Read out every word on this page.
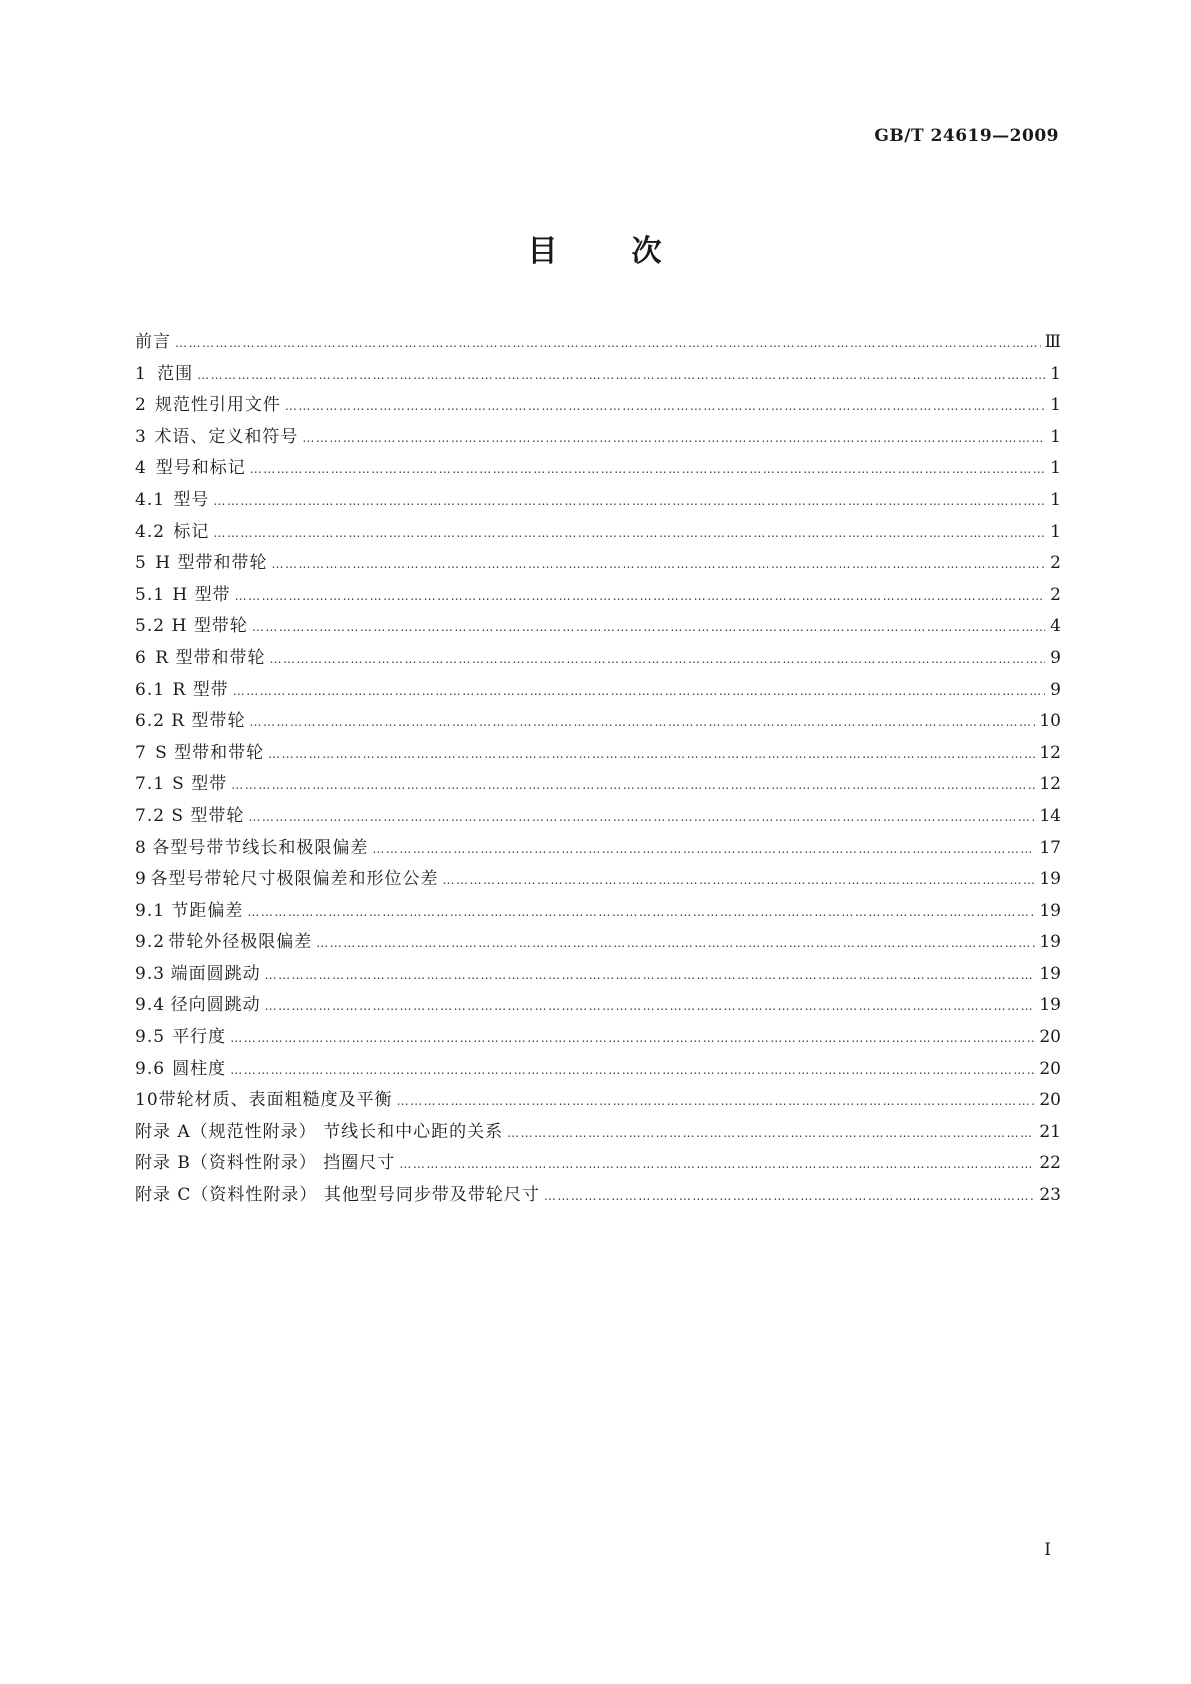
GB/T 24619—2009
目 次
前言 …………………………………………………………………………………………………………………………………………………………………………………………………………………………………	Ⅲ
1 范围 …………………………………………………………………………………………………………………………………………………………………………………………………………………………………	1
2 规范性引用文件 …………………………………………………………………………………………………………………………………………………………………………………………………………………………………	1
3 术语、定义和符号 …………………………………………………………………………………………………………………………………………………………………………………………………………………………………	1
4 型号和标记 …………………………………………………………………………………………………………………………………………………………………………………………………………………………………	1
4.1 型号 …………………………………………………………………………………………………………………………………………………………………………………………………………………………………	1
4.2 标记 …………………………………………………………………………………………………………………………………………………………………………………………………………………………………	1
5 H 型带和带轮 …………………………………………………………………………………………………………………………………………………………………………………………………………………………………	2
5.1 H 型带 …………………………………………………………………………………………………………………………………………………………………………………………………………………………………	2
5.2 H 型带轮 …………………………………………………………………………………………………………………………………………………………………………………………………………………………………	4
6 R 型带和带轮 …………………………………………………………………………………………………………………………………………………………………………………………………………………………………	9
6.1 R 型带 …………………………………………………………………………………………………………………………………………………………………………………………………………………………………	9
6.2 R 型带轮 …………………………………………………………………………………………………………………………………………………………………………………………………………………………………	10
7 S 型带和带轮 …………………………………………………………………………………………………………………………………………………………………………………………………………………………………	12
7.1 S 型带 …………………………………………………………………………………………………………………………………………………………………………………………………………………………………	12
7.2 S 型带轮 …………………………………………………………………………………………………………………………………………………………………………………………………………………………………	14
8 各型号带节线长和极限偏差 …………………………………………………………………………………………………………………………………………………………………………………………………………………………………	17
9 各型号带轮尺寸极限偏差和形位公差 …………………………………………………………………………………………………………………………………………………………………………………………………………………………………	19
9.1 节距偏差 …………………………………………………………………………………………………………………………………………………………………………………………………………………………………	19
9.2 带轮外径极限偏差 …………………………………………………………………………………………………………………………………………………………………………………………………………………………………	19
9.3 端面圆跳动 …………………………………………………………………………………………………………………………………………………………………………………………………………………………………	19
9.4 径向圆跳动 …………………………………………………………………………………………………………………………………………………………………………………………………………………………………	19
9.5 平行度 …………………………………………………………………………………………………………………………………………………………………………………………………………………………………	20
9.6 圆柱度 …………………………………………………………………………………………………………………………………………………………………………………………………………………………………	20
10 带轮材质、表面粗糙度及平衡 …………………………………………………………………………………………………………………………………………………………………………………………………………………………………	20
附录 A（规范性附录） 节线长和中心距的关系 …………………………………………………………………………………………………………………………………………………………………………………………………………………………………	21
附录 B（资料性附录） 挡圈尺寸 …………………………………………………………………………………………………………………………………………………………………………………………………………………………………	22
附录 C（资料性附录） 其他型号同步带及带轮尺寸 …………………………………………………………………………………………………………………………………………………………………………………………………………………………………	23
I
